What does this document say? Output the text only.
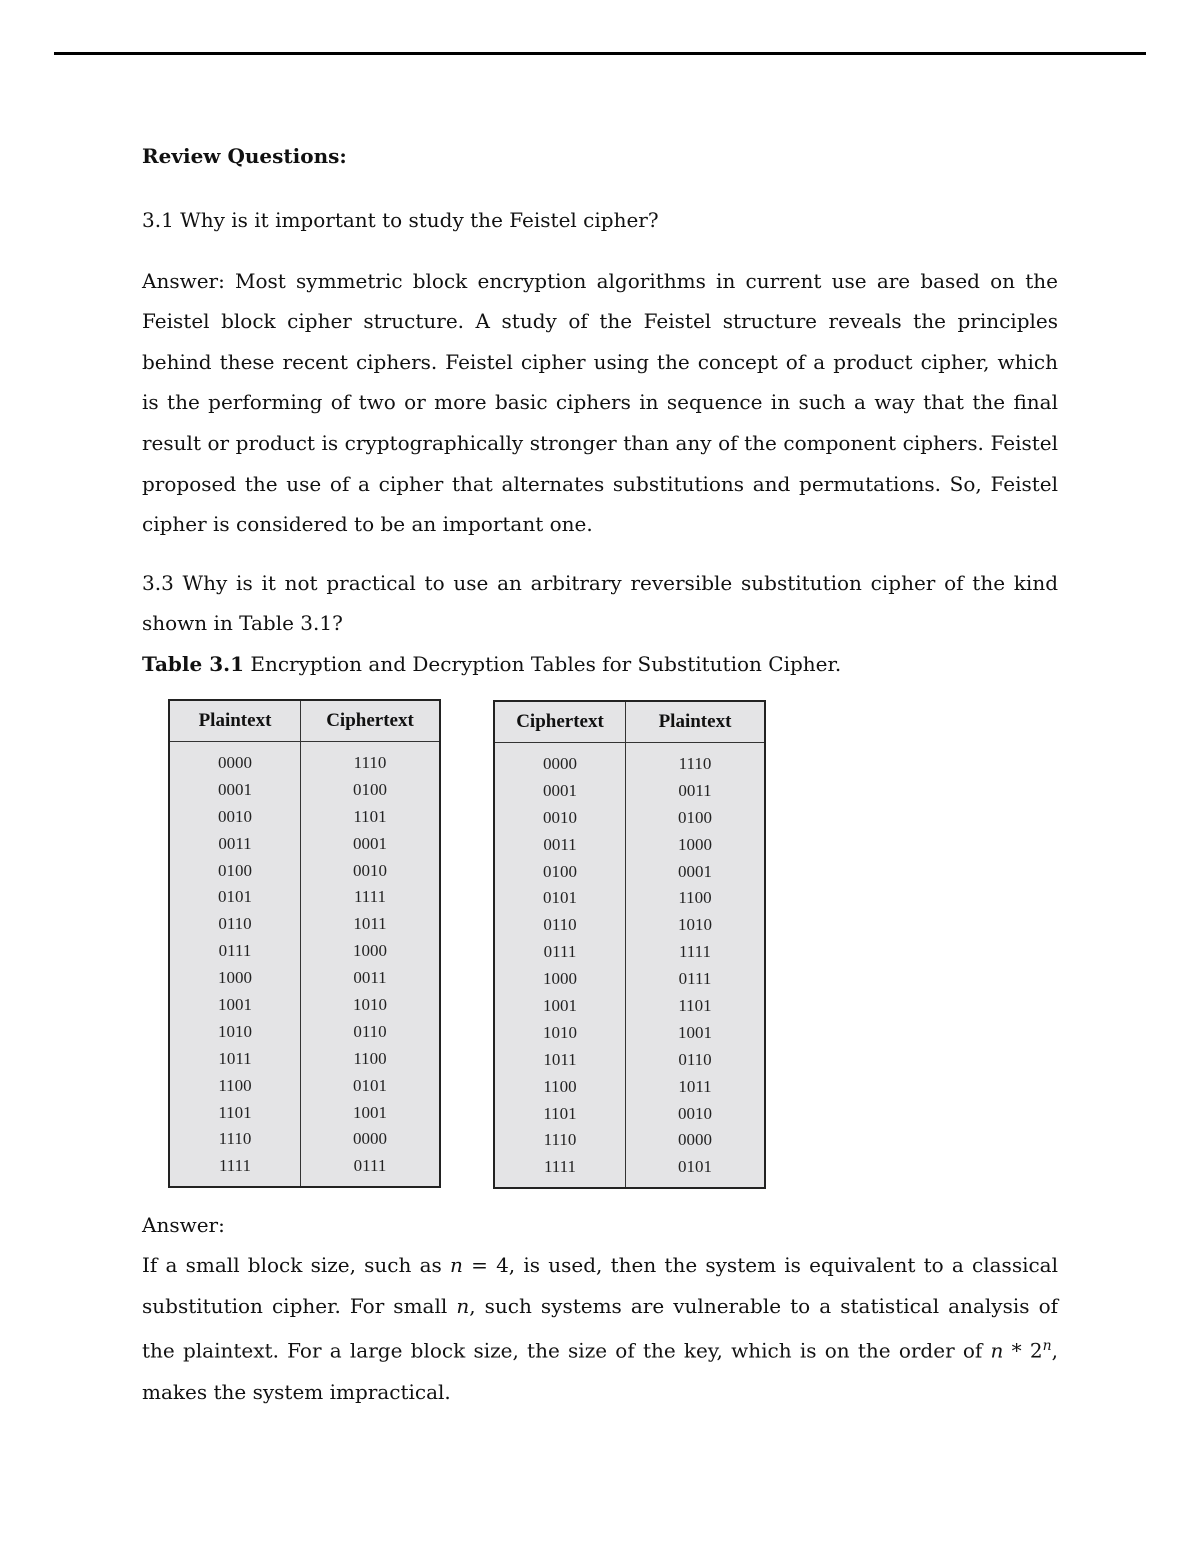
Review Questions:

3.1 Why is it important to study the Feistel cipher?

Answer: Most symmetric block encryption algorithms in current use are based on the Feistel block cipher structure. A study of the Feistel structure reveals the principles behind these recent ciphers. Feistel cipher using the concept of a product cipher, which is the performing of two or more basic ciphers in sequence in such a way that the final result or product is cryptographically stronger than any of the component ciphers. Feistel proposed the use of a cipher that alternates substitutions and permutations. So, Feistel cipher is considered to be an important one.

3.3 Why is it not practical to use an arbitrary reversible substitution cipher of the kind shown in Table 3.1?

Table 3.1 Encryption and Decryption Tables for Substitution Cipher.

Plaintext	Ciphertext
0000	1110
0001	0100
0010	1101
0011	0001
0100	0010
0101	1111
0110	1011
0111	1000
1000	0011
1001	1010
1010	0110
1011	1100
1100	0101
1101	1001
1110	0000
1111	0111
Ciphertext	Plaintext
0000	1110
0001	0011
0010	0100
0011	1000
0100	0001
0101	1100
0110	1010
0111	1111
1000	0111
1001	1101
1010	1001
1011	0110
1100	1011
1101	0010
1110	0000
1111	0101

Answer:

If a small block size, such as n = 4, is used, then the system is equivalent to a classical substitution cipher. For small n, such systems are vulnerable to a statistical analysis of the plaintext. For a large block size, the size of the key, which is on the order of n * 2$^n$, makes the system impractical.
